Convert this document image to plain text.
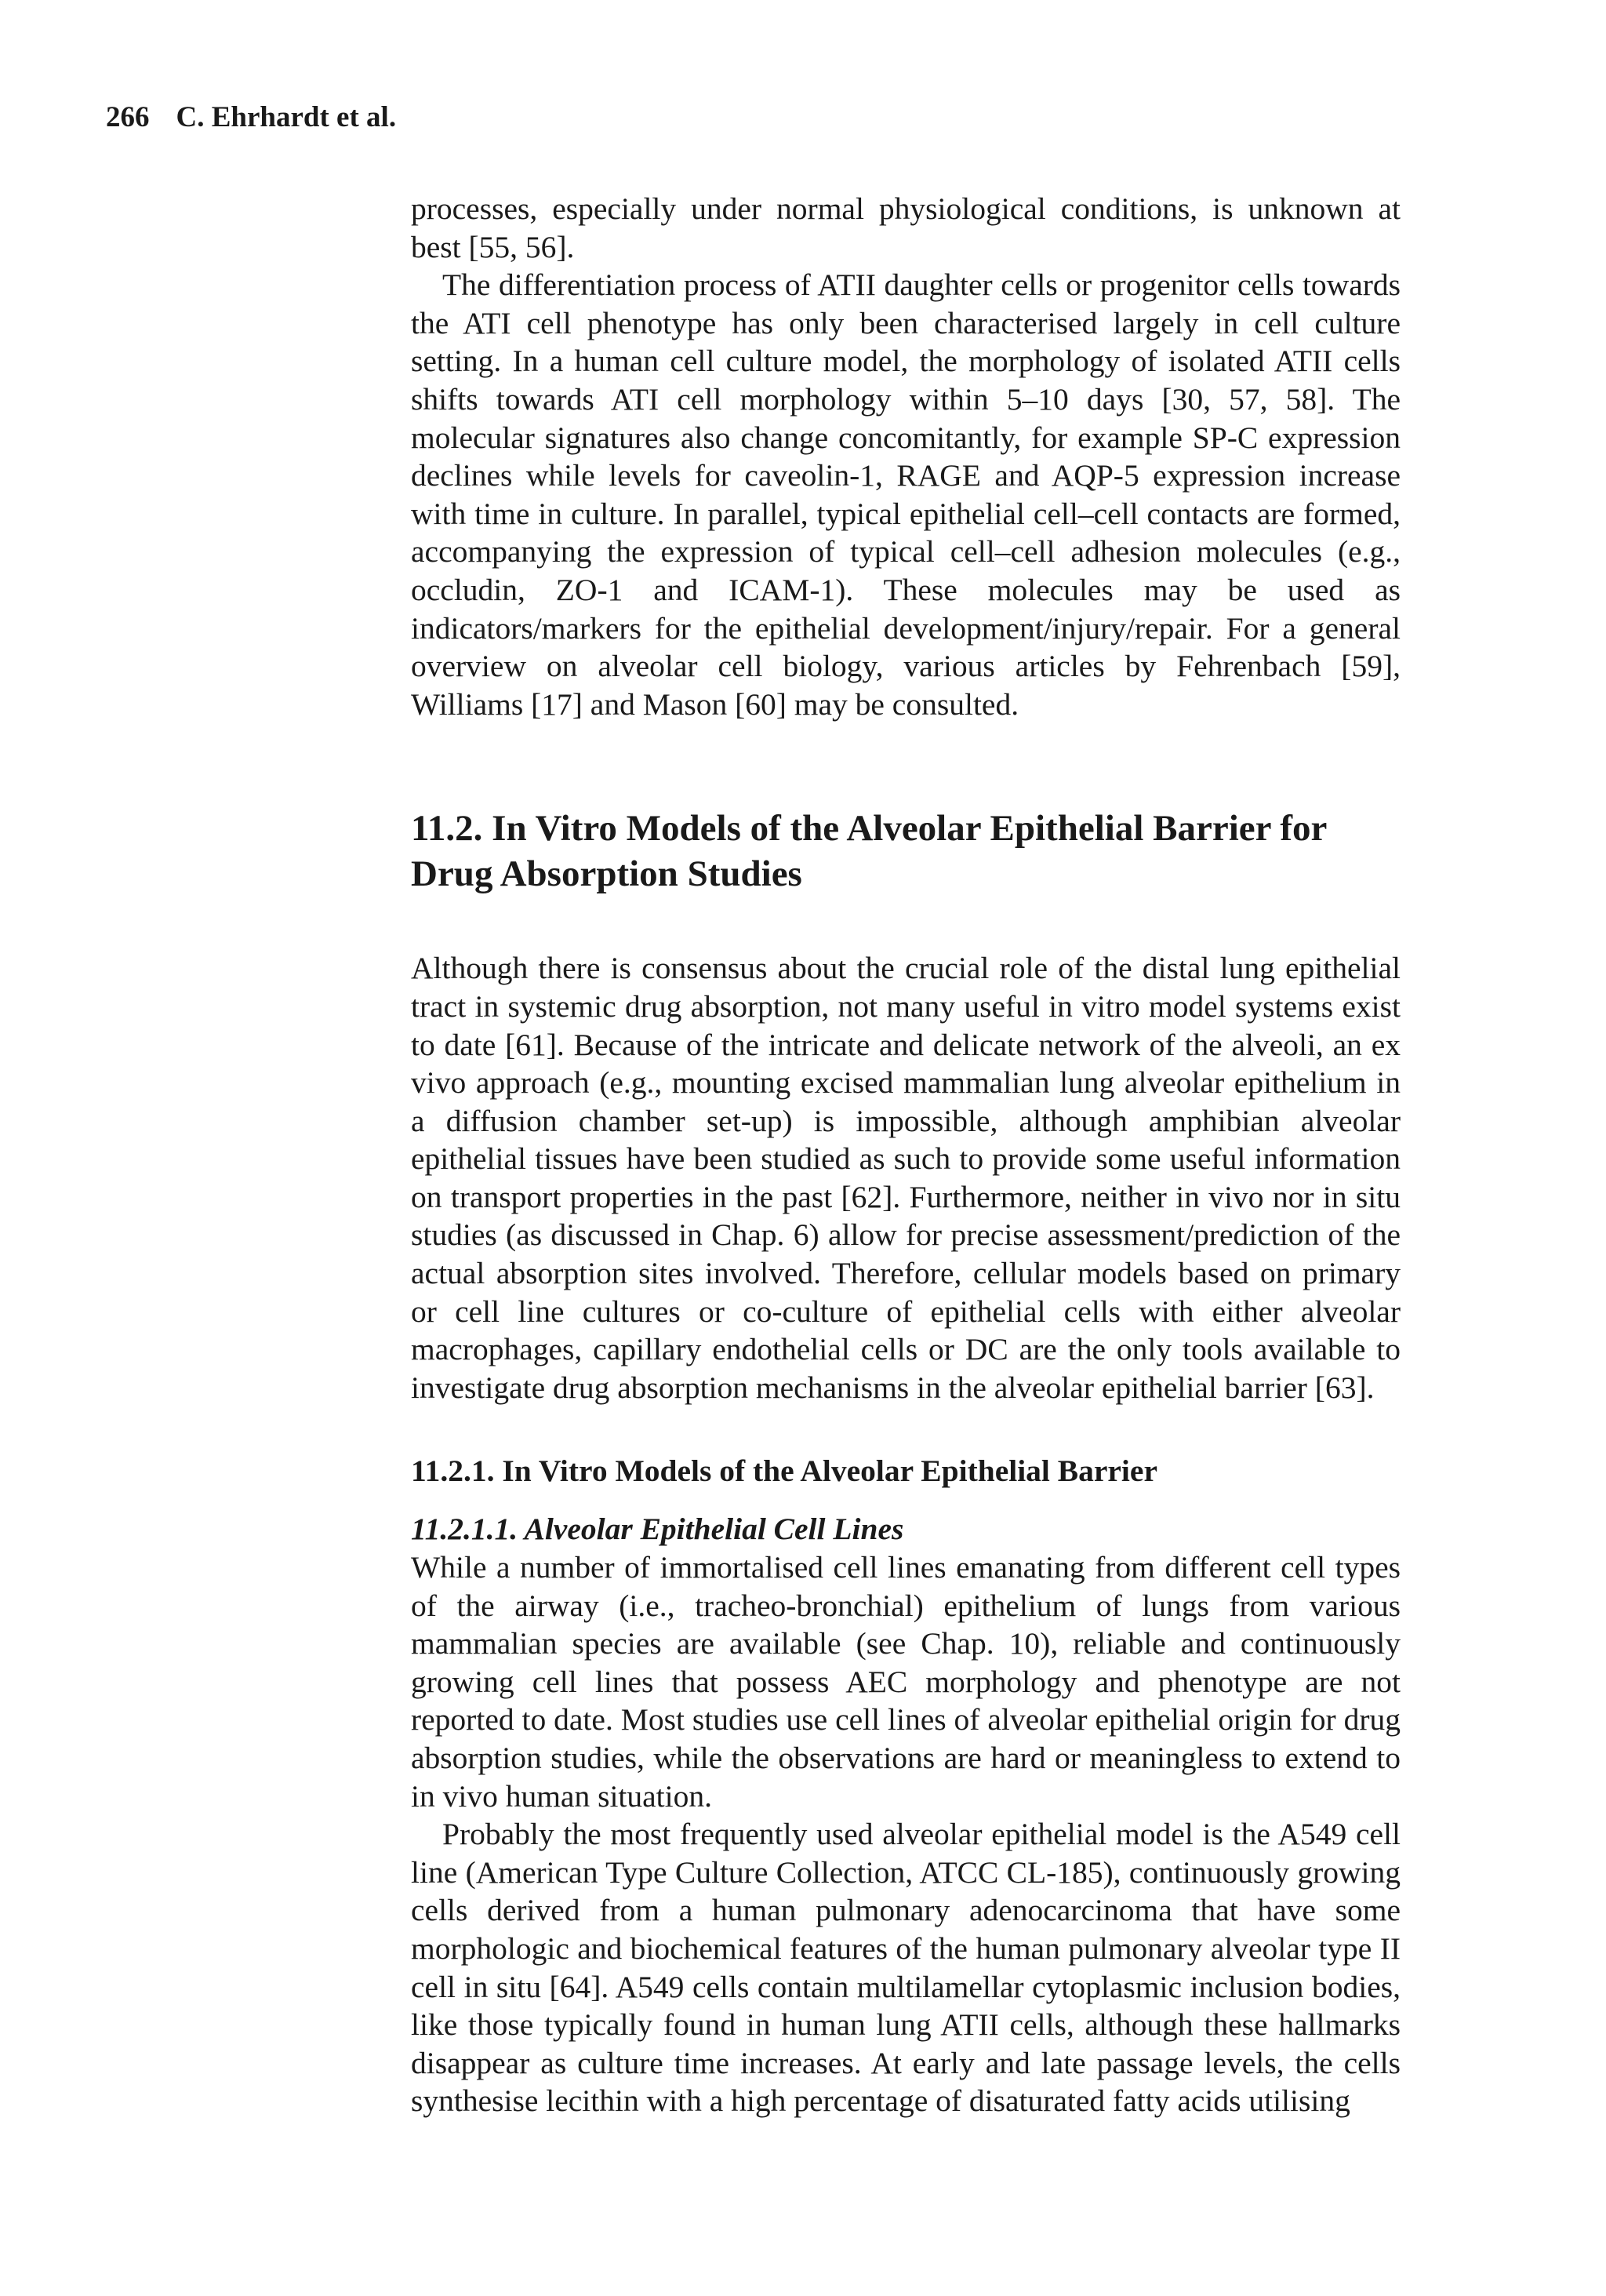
266 C. Ehrhardt et al.

processes, especially under normal physiological conditions, is unknown at best [55, 56].

The differentiation process of ATII daughter cells or progenitor cells towards the ATI cell phenotype has only been characterised largely in cell culture setting. In a human cell culture model, the morphology of isolated ATII cells shifts towards ATI cell morphology within 5–10 days [30, 57, 58]. The molecular signatures also change concomitantly, for example SP-C expression declines while levels for caveolin-1, RAGE and AQP-5 expression increase with time in culture. In parallel, typical epithelial cell–cell contacts are formed, accompanying the expression of typical cell–cell adhesion molecules (e.g., occludin, ZO-1 and ICAM-1). These molecules may be used as indicators/markers for the epithelial development/injury/repair. For a general overview on alveolar cell biology, various articles by Fehrenbach [59], Williams [17] and Mason [60] may be consulted.

11.2. In Vitro Models of the Alveolar Epithelial Barrier for Drug Absorption Studies

Although there is consensus about the crucial role of the distal lung epithelial tract in systemic drug absorption, not many useful in vitro model systems exist to date [61]. Because of the intricate and delicate network of the alveoli, an ex vivo approach (e.g., mounting excised mammalian lung alveolar epithelium in a diffusion chamber set-up) is impossible, although amphibian alveolar epithelial tissues have been studied as such to provide some useful information on transport properties in the past [62]. Furthermore, neither in vivo nor in situ studies (as discussed in Chap. 6) allow for precise assessment/prediction of the actual absorption sites involved. Therefore, cellular models based on primary or cell line cultures or co-culture of epithelial cells with either alveolar macrophages, capillary endothelial cells or DC are the only tools available to investigate drug absorption mechanisms in the alveolar epithelial barrier [63].

11.2.1. In Vitro Models of the Alveolar Epithelial Barrier
11.2.1.1. Alveolar Epithelial Cell Lines

While a number of immortalised cell lines emanating from different cell types of the airway (i.e., tracheo-bronchial) epithelium of lungs from various mammalian species are available (see Chap. 10), reliable and continuously growing cell lines that possess AEC morphology and phenotype are not reported to date. Most studies use cell lines of alveolar epithelial origin for drug absorption studies, while the observations are hard or meaningless to extend to in vivo human situation.

Probably the most frequently used alveolar epithelial model is the A549 cell line (American Type Culture Collection, ATCC CL-185), continuously growing cells derived from a human pulmonary adenocarcinoma that have some morphologic and biochemical features of the human pulmonary alveolar type II cell in situ [64]. A549 cells contain multilamellar cytoplasmic inclusion bodies, like those typically found in human lung ATII cells, although these hallmarks disappear as culture time increases. At early and late passage levels, the cells synthesise lecithin with a high percentage of disaturated fatty acids utilising
